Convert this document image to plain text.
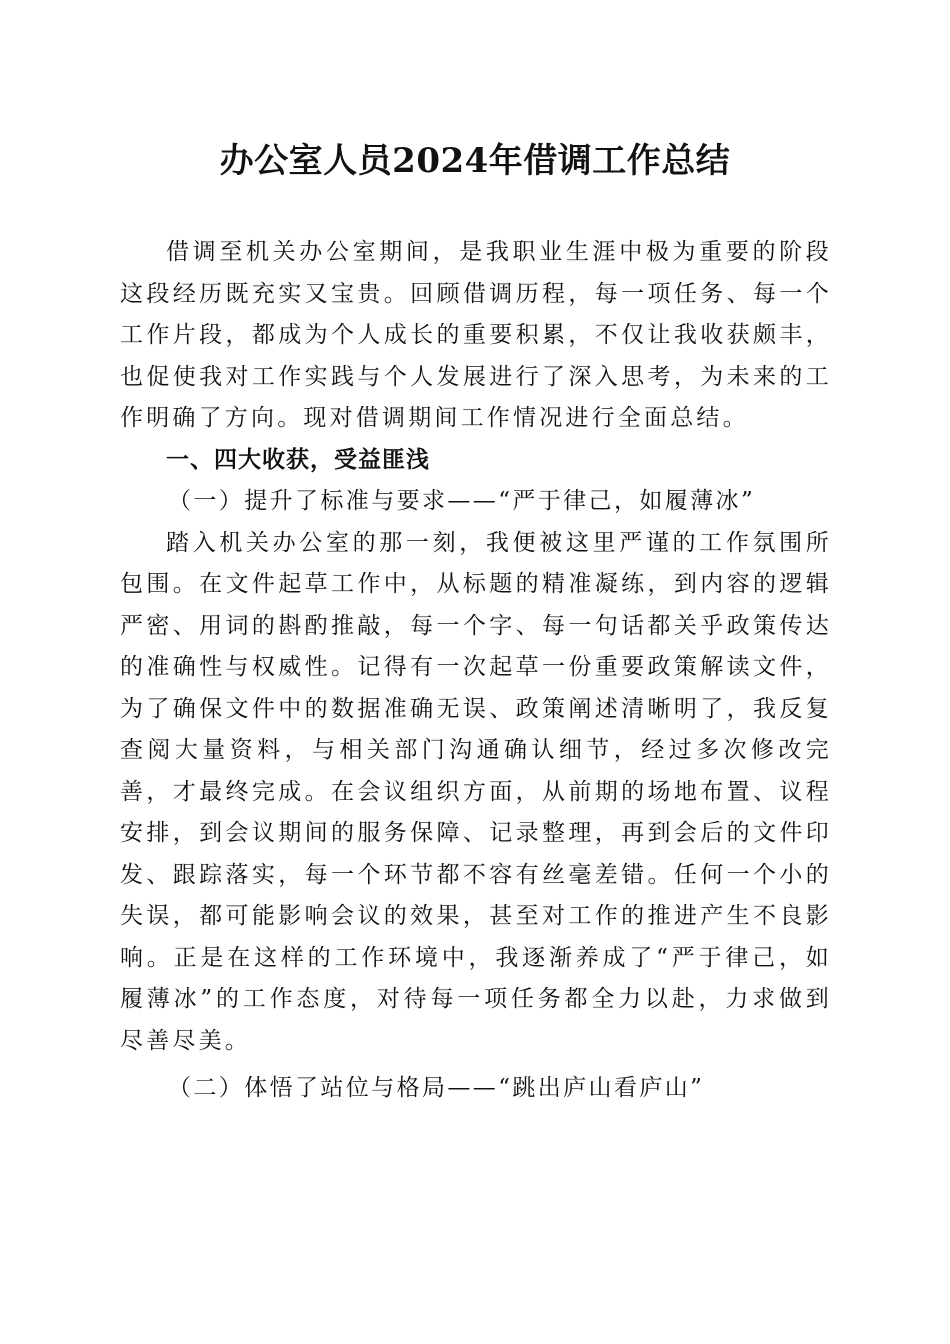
办公室人员2024年借调工作总结

借调至机关办公室期间，是我职业生涯中极为重要的阶段这段经历既充实又宝贵。回顾借调历程，每一项任务、每一个工作片段，都成为个人成长的重要积累，不仅让我收获颇丰，也促使我对工作实践与个人发展进行了深入思考，为未来的工作明确了方向。现对借调期间工作情况进行全面总结。

一、四大收获，受益匪浅

（一）提升了标准与要求——“严于律己，如履薄冰”

踏入机关办公室的那一刻，我便被这里严谨的工作氛围所包围。在文件起草工作中，从标题的精准凝练，到内容的逻辑严密、用词的斟酌推敲，每一个字、每一句话都关乎政策传达的准确性与权威性。记得有一次起草一份重要政策解读文件，为了确保文件中的数据准确无误、政策阐述清晰明了，我反复查阅大量资料，与相关部门沟通确认细节，经过多次修改完善，才最终完成。在会议组织方面，从前期的场地布置、议程安排，到会议期间的服务保障、记录整理，再到会后的文件印发、跟踪落实，每一个环节都不容有丝毫差错。任何一个小的失误，都可能影响会议的效果，甚至对工作的推进产生不良影响。正是在这样的工作环境中，我逐渐养成了“严于律己，如履薄冰”的工作态度，对待每一项任务都全力以赴，力求做到尽善尽美。

（二）体悟了站位与格局——“跳出庐山看庐山”
